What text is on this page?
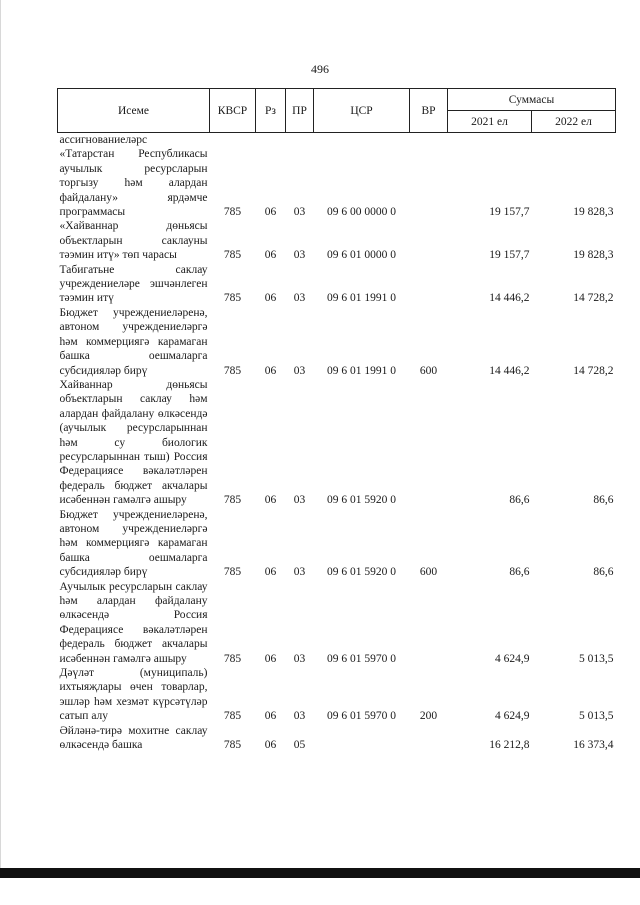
496
Исеме	КВСР	Рз	ПР	ЦСР	ВР	Суммасы	
						2021 ел	2022 ел
ассигнованиеләрс							
«Татарстан Республикасы аучылык ресурсларын торгызу һәм алардан файдалану» ярдәмче программасы	785	06	03	09 6 00 0000 0		19 157,7	19 828,3
«Хайваннар дөньясы объектларын саклауны тәэмин итү» төп чарасы	785	06	03	09 6 01 0000 0		19 157,7	19 828,3
Табигатьне саклау учреждениеләре эшчәнлеген тәэмин итү	785	06	03	09 6 01 1991 0		14 446,2	14 728,2
Бюджет учреждениеләренә, автоном учреждениеләргә һәм коммерциягә карамаган башка оешмаларга субсидияләр бирү	785	06	03	09 6 01 1991 0	600	14 446,2	14 728,2
Хайваннар дөньясы объектларын саклау һәм алардан файдалану өлкәсендә (аучылык ресурсларыннан һәм су биологик ресурсларыннан тыш) Россия Федерациясе вәкаләтләрен федераль бюджет акчалары исәбеннән гамәлгә ашыру	785	06	03	09 6 01 5920 0		86,6	86,6
Бюджет учреждениеләренә, автоном учреждениеләргә һәм коммерциягә карамаган башка оешмаларга субсидияләр бирү	785	06	03	09 6 01 5920 0	600	86,6	86,6
Аучылык ресурсларын саклау һәм алардан файдалану өлкәсендә Россия Федерациясе вәкаләтләрен федераль бюджет акчалары исәбеннән гамәлгә ашыру	785	06	03	09 6 01 5970 0		4 624,9	5 013,5
Дәүләт (муниципаль) ихтыяҗлары өчен товарлар, эшләр һәм хезмәт күрсәтүләр сатып алу	785	06	03	09 6 01 5970 0	200	4 624,9	5 013,5
Әйләнә-тирә мохитне саклау өлкәсендә башка	785	06	05			16 212,8	16 373,4
